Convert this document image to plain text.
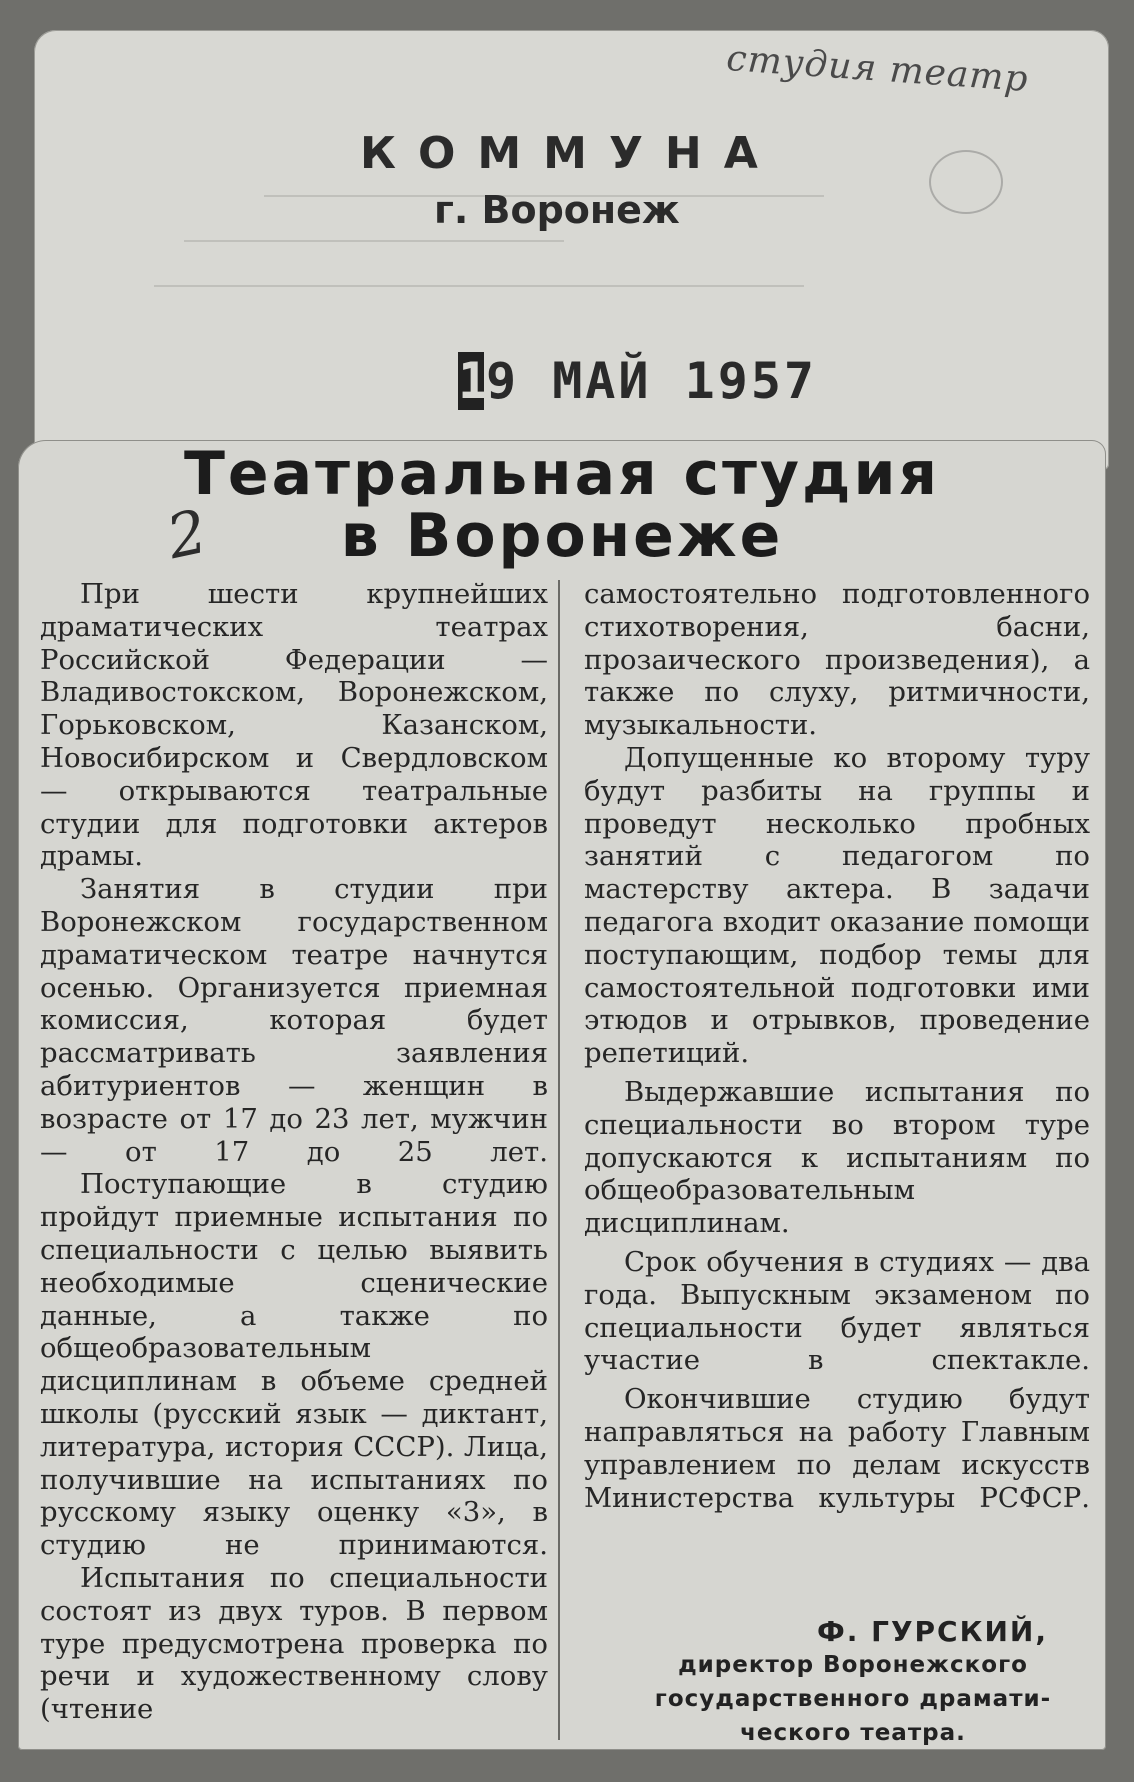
КОММУНА
г. Воронеж
студия театр
19 МАЙ 1957
Театральная студия
в Воронеже
2

При шести крупнейших драматических театрах Российской Федерации — Владивостокском, Воронежском, Горьковском, Казанском, Новосибирском и Свердловском — открываются театральные студии для подготовки актеров драмы.

Занятия в студии при Воронежском государственном драматическом театре начнутся осенью. Организуется приемная комиссия, которая будет рассматривать заявления абитуриентов — женщин в возрасте от 17 до 23 лет, мужчин — от 17 до 25 лет.

Поступающие в студию пройдут приемные испытания по специальности с целью выявить необходимые сценические данные, а также по общеобразовательным дисциплинам в объеме средней школы (русский язык — диктант, литература, история СССР). Лица, получившие на испытаниях по русскому языку оценку «3», в студию не принимаются.

Испытания по специальности состоят из двух туров. В первом туре предусмотрена проверка по речи и художественному слову (чтение

самостоятельно подготовленного стихотворения, басни, прозаического произведения), а также по слуху, ритмичности, музыкальности.

Допущенные ко второму туру будут разбиты на группы и проведут несколько пробных занятий с педагогом по мастерству актера. В задачи педагога входит оказание помощи поступающим, подбор темы для самостоятельной подготовки ими этюдов и отрывков, проведение репетиций.

Выдержавшие испытания по специальности во втором туре допускаются к испытаниям по общеобразовательным дисциплинам.

Срок обучения в студиях — два года. Выпускным экзаменом по специальности будет являться участие в спектакле.

Окончившие студию будут направляться на работу Главным управлением по делам искусств Министерства культуры РСФСР.

Ф. ГУРСКИЙ,
директор Воронежского
государственного драмати-
ческого театра.
